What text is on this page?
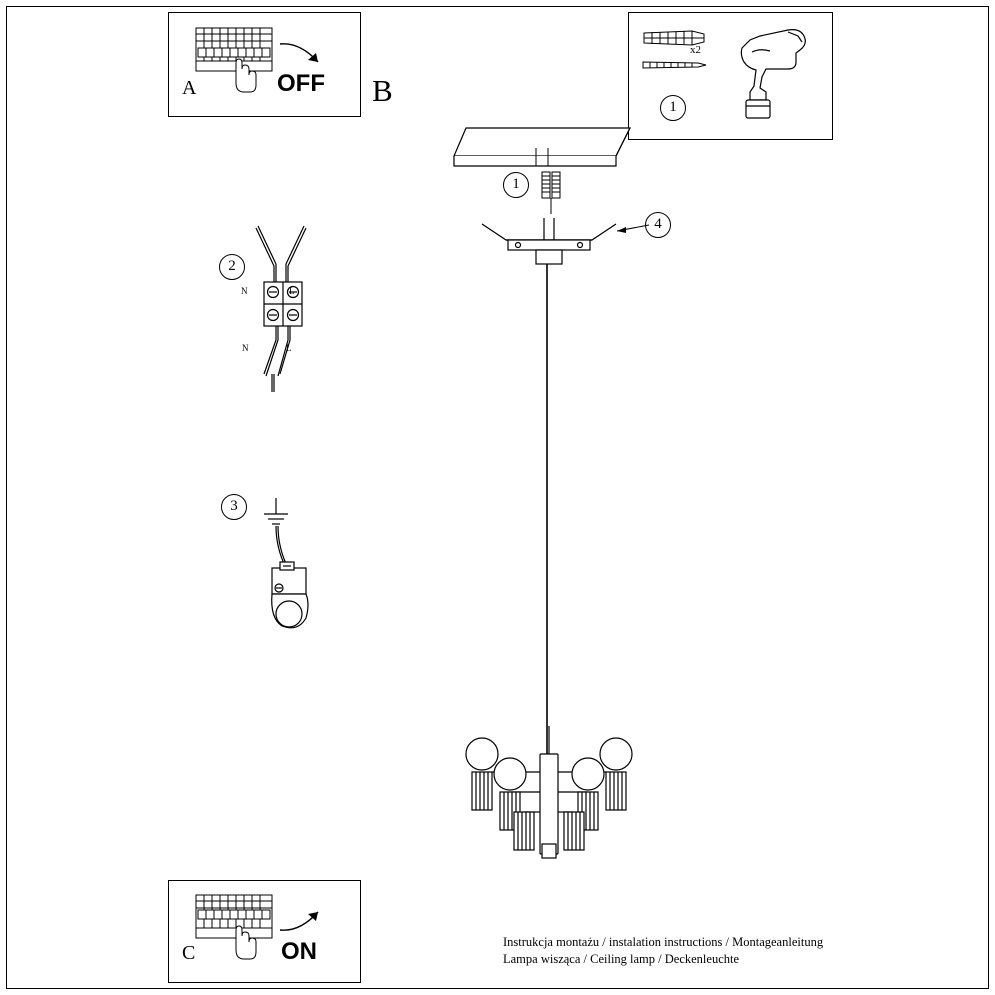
A	OFF B	1
x2
2
N	L
N	L
3
C	ON
1
4
Instrukcja montażu / instalation instructions / Montageanleitung
Lampa wisząca / Ceiling lamp / Deckenleuchte
